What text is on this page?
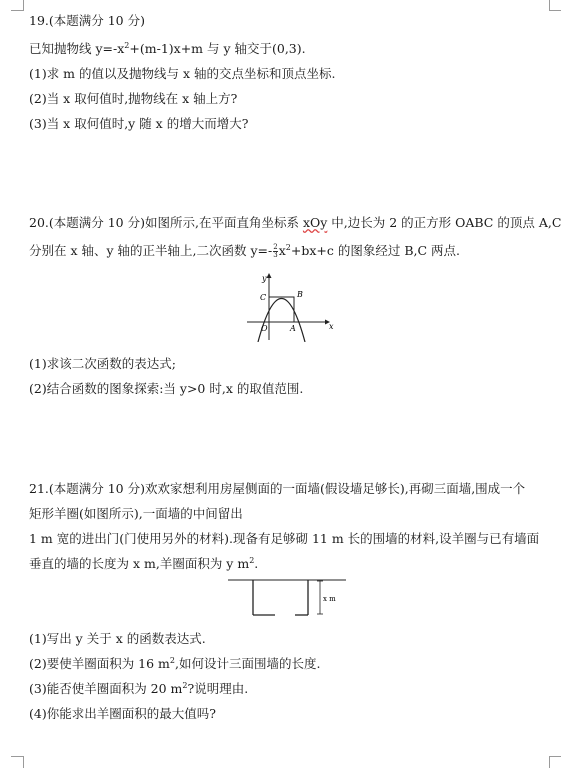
19.(本题满分 10 分)
已知抛物线 $y=-x^2+(m-1)x+m$ 与 y 轴交于(0,3).
(1)求 m 的值以及抛物线与 x 轴的交点坐标和顶点坐标.
(2)当 x 取何值时,抛物线在 x 轴上方?
(3)当 x 取何值时,y 随 x 的增大而增大?
20.(本题满分 10 分)如图所示,在平面直角坐标系 xOy 中,边长为 2 的正方形 OABC 的顶点 A,C
分别在 x 轴、y 轴的正半轴上,二次函数 $y=- \frac{2}{3} x^2+bx+c$ 的图象经过 B,C 两点.
y
x
C	B
O	A
(1)求该二次函数的表达式;
(2)结合函数的图象探索:当 y>0 时,x 的取值范围.
21.(本题满分 10 分)欢欢家想利用房屋侧面的一面墙(假设墙足够长),再砌三面墙,围成一个
矩形羊圈(如图所示),一面墙的中间留出
1 m 宽的进出门(门使用另外的材料).现备有足够砌 11 m 长的围墙的材料,设羊圈与已有墙面
垂直的墙的长度为 x m,羊圈面积为 y $m^2$.
x m
(1)写出 y 关于 x 的函数表达式.
(2)要使羊圈面积为 16 $m^2$,如何设计三面围墙的长度.
(3)能否使羊圈面积为 20 $m^2$?说明理由.
(4)你能求出羊圈面积的最大值吗?
